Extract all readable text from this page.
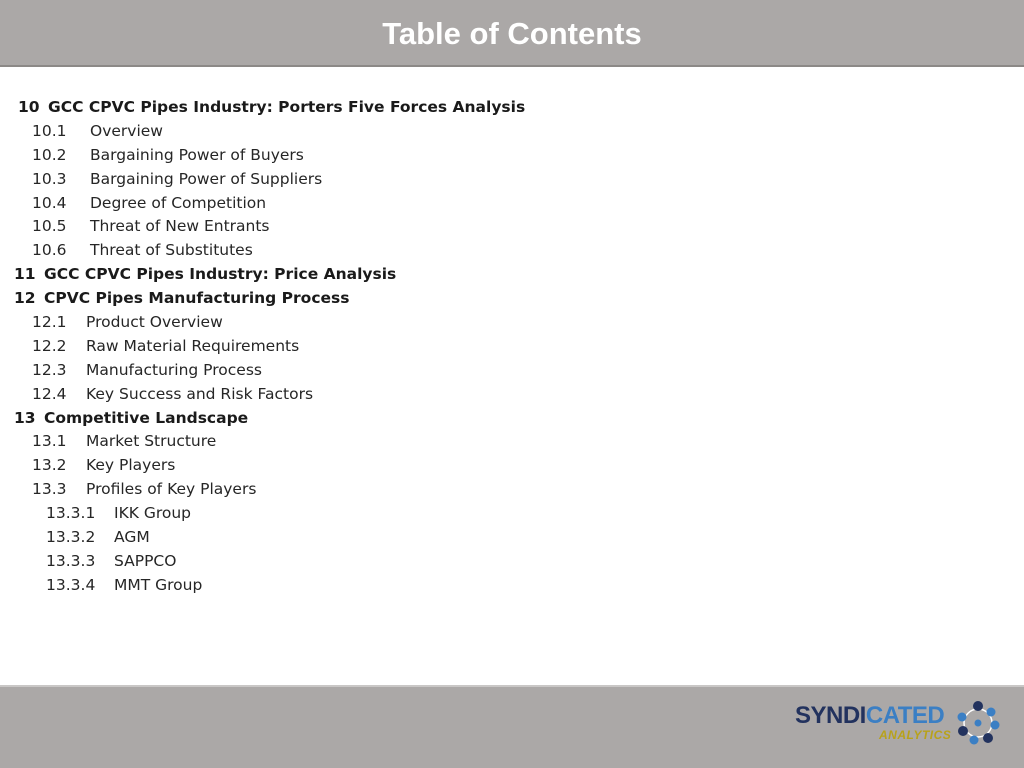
Table of Contents
10 GCC CPVC Pipes Industry: Porters Five Forces Analysis
10.1	Overview
10.2	Bargaining Power of Buyers
10.3	Bargaining Power of Suppliers
10.4	Degree of Competition
10.5	Threat of New Entrants
10.6	Threat of Substitutes
11 GCC CPVC Pipes Industry: Price Analysis
12 CPVC Pipes Manufacturing Process
12.1	Product Overview
12.2	Raw Material Requirements
12.3	Manufacturing Process
12.4	Key Success and Risk Factors
13 Competitive Landscape
13.1	Market Structure
13.2	Key Players
13.3	Profiles of Key Players
13.3.1	IKK Group
13.3.2	AGM
13.3.3	SAPPCO
13.3.4	MMT Group
SYNDICATED
ANALYTICS
